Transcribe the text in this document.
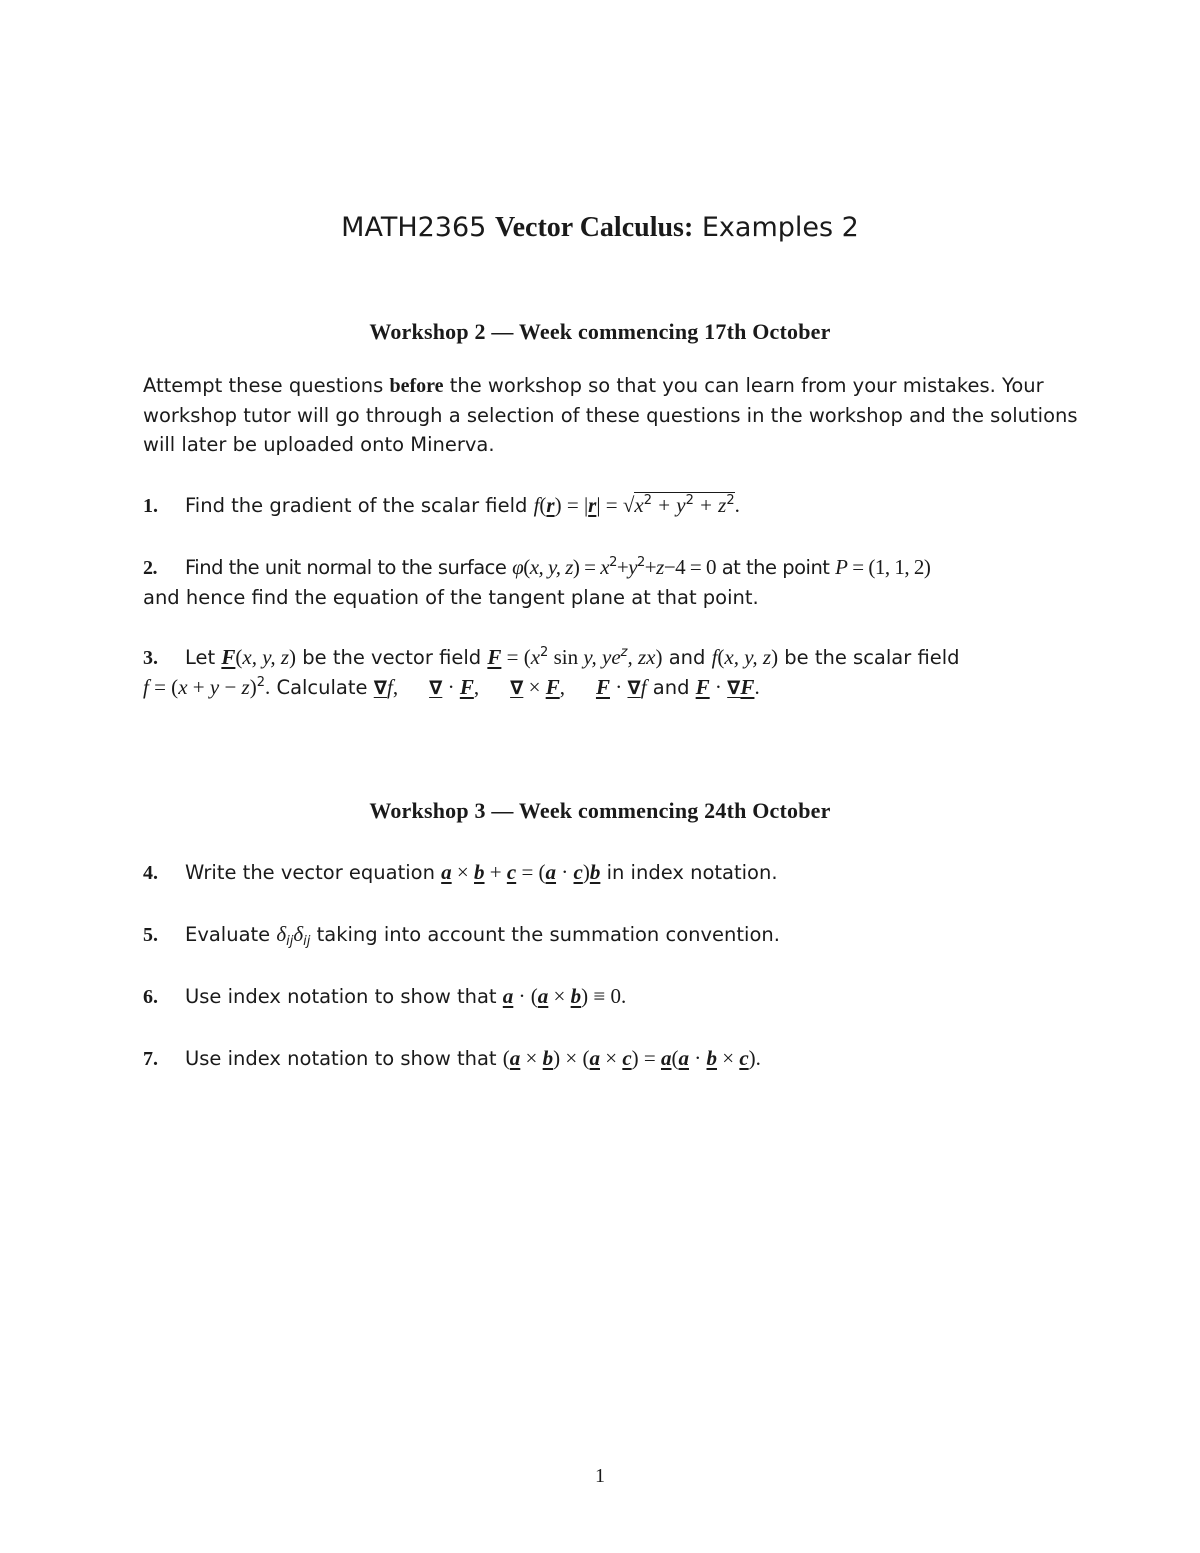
MATH2365 Vector Calculus: Examples 2
Workshop 2 — Week commencing 17th October
Attempt these questions before the workshop so that you can learn from your mistakes. Your
workshop tutor will go through a selection of these questions in the workshop and the solutions
will later be uploaded onto Minerva.
1. Find the gradient of the scalar field $f(r) = |r| = √x^2 + y^2 + z^2$.
2. Find the unit normal to the surface φ(x, y, $z) = x^2+y^2+z-4 = 0$ at the point P = (1, 1, 2)
and hence find the equation of the tangent plane at that point.
3. Let F(x, y, z) be the vector field $F = (x^2$ sin y, $ye^z$, zx) and f(x, y, z) be the scalar field
$f = (x + y - z)^2$. Calculate ∇f, ∇ · F, ∇ × F, F · ∇f and F · ∇F.
Workshop 3 — Week commencing 24th October
4. Write the vector equation a × b + c = (a · c)b in index notation.
5. Evaluate $\delta_{ij}\delta_{ij}$ taking into account the summation convention.
6. Use index notation to show that a · (a × b) ≡ 0.
7. Use index notation to show that (a × b) × (a × c) = a(a · b × c).
1
